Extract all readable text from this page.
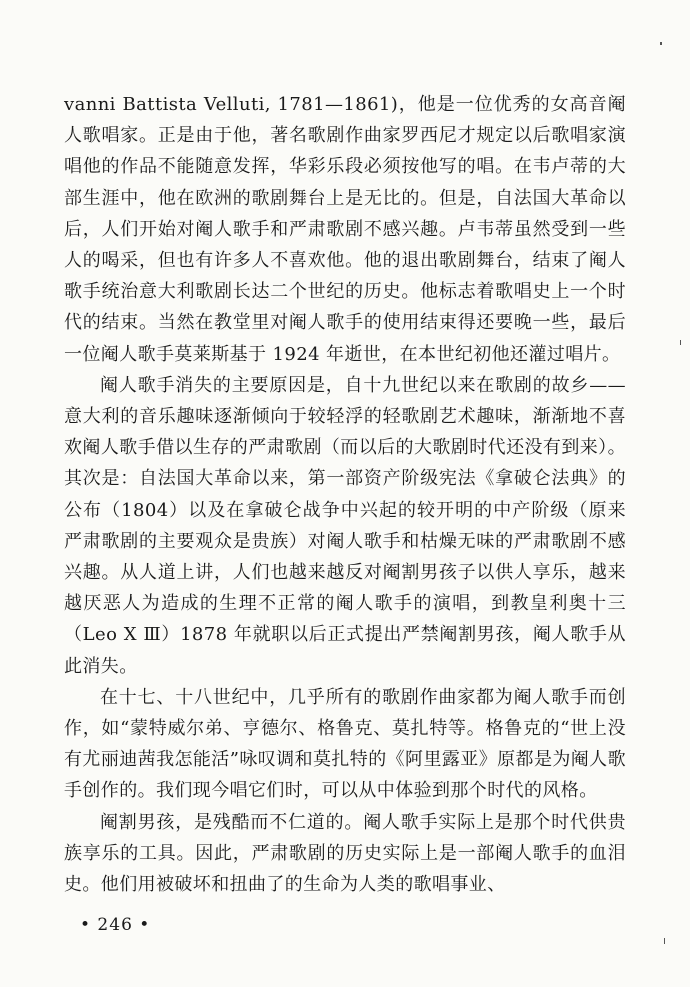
vanni Battista Velluti, 1781—1861)，他是一位优秀的女高音阉人歌唱家。正是由于他，著名歌剧作曲家罗西尼才规定以后歌唱家演唱他的作品不能随意发挥，华彩乐段必须按他写的唱。在韦卢蒂的大部生涯中，他在欧洲的歌剧舞台上是无比的。但是，自法国大革命以后，人们开始对阉人歌手和严肃歌剧不感兴趣。卢韦蒂虽然受到一些人的喝采，但也有许多人不喜欢他。他的退出歌剧舞台，结束了阉人歌手统治意大利歌剧长达二个世纪的历史。他标志着歌唱史上一个时代的结束。当然在教堂里对阉人歌手的使用结束得还要晚一些，最后一位阉人歌手莫莱斯基于 1924 年逝世，在本世纪初他还灌过唱片。

阉人歌手消失的主要原因是，自十九世纪以来在歌剧的故乡——意大利的音乐趣味逐渐倾向于较轻浮的轻歌剧艺术趣味，渐渐地不喜欢阉人歌手借以生存的严肃歌剧（而以后的大歌剧时代还没有到来）。其次是：自法国大革命以来，第一部资产阶级宪法《拿破仑法典》的公布（1804）以及在拿破仑战争中兴起的较开明的中产阶级（原来严肃歌剧的主要观众是贵族）对阉人歌手和枯燥无味的严肃歌剧不感兴趣。从人道上讲，人们也越来越反对阉割男孩子以供人享乐，越来越厌恶人为造成的生理不正常的阉人歌手的演唱，到教皇利奥十三（Leo X Ⅲ）1878 年就职以后正式提出严禁阉割男孩，阉人歌手从此消失。

在十七、十八世纪中，几乎所有的歌剧作曲家都为阉人歌手而创作，如“蒙特威尔弟、亨德尔、格鲁克、莫扎特等。格鲁克的“世上没有尤丽迪茜我怎能活”咏叹调和莫扎特的《阿里露亚》原都是为阉人歌手创作的。我们现今唱它们时，可以从中体验到那个时代的风格。

阉割男孩，是残酷而不仁道的。阉人歌手实际上是那个时代供贵族享乐的工具。因此，严肃歌剧的历史实际上是一部阉人歌手的血泪史。他们用被破坏和扭曲了的生命为人类的歌唱事业、

• 246 •
